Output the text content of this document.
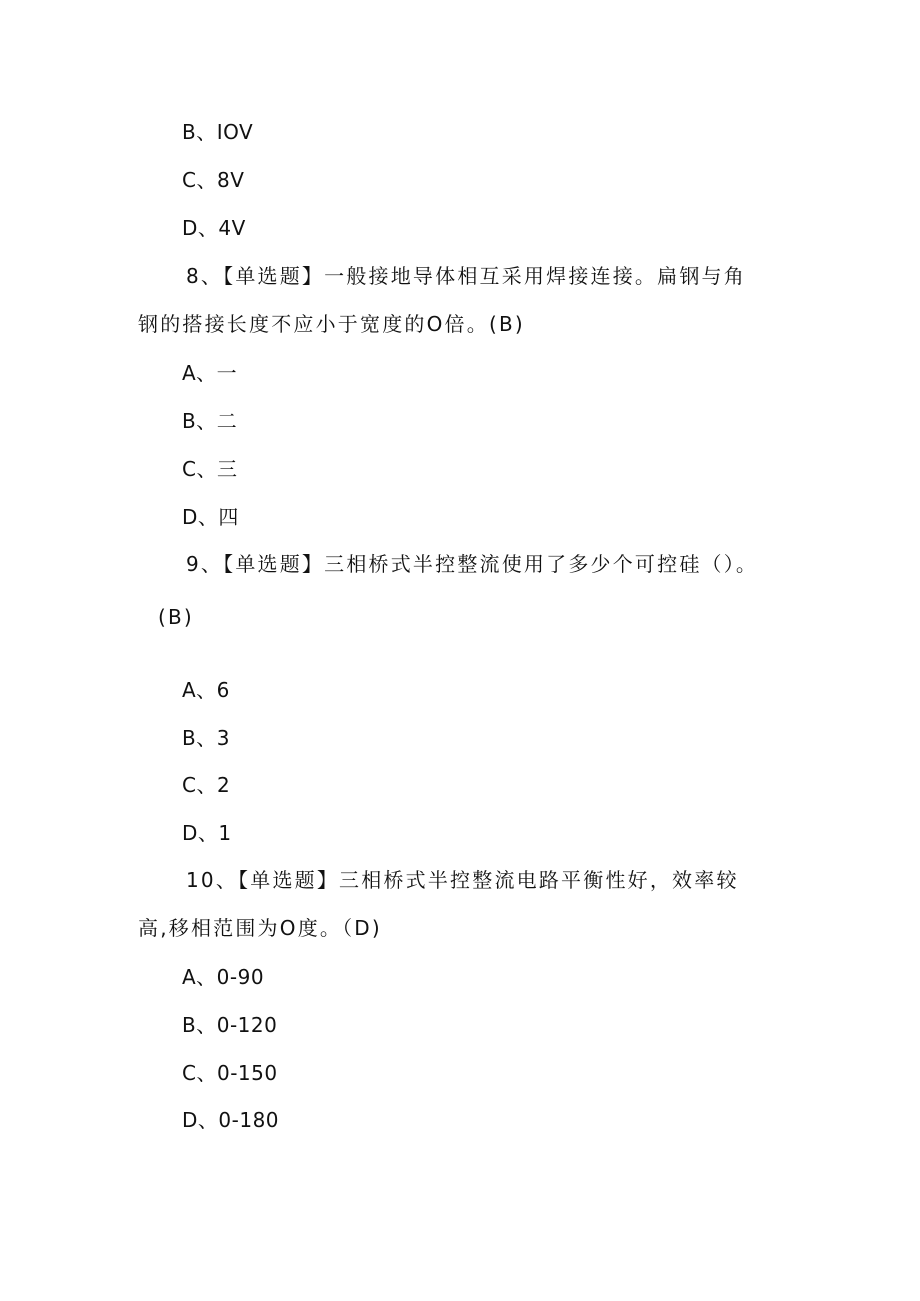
B、IOV
C、8V
D、4V
8、【单选题】一般接地导体相互采用焊接连接。扁钢与角
钢的搭接长度不应小于宽度的O倍。(B)
A、一
B、二
C、三
D、四
9、【单选题】三相桥式半控整流使用了多少个可控硅（）。
(B)
A、6
B、3
C、2
D、1
10、【单选题】三相桥式半控整流电路平衡性好，效率较
高,移相范围为O度。（D)
A、0-90
B、0-120
C、0-150
D、0-180
